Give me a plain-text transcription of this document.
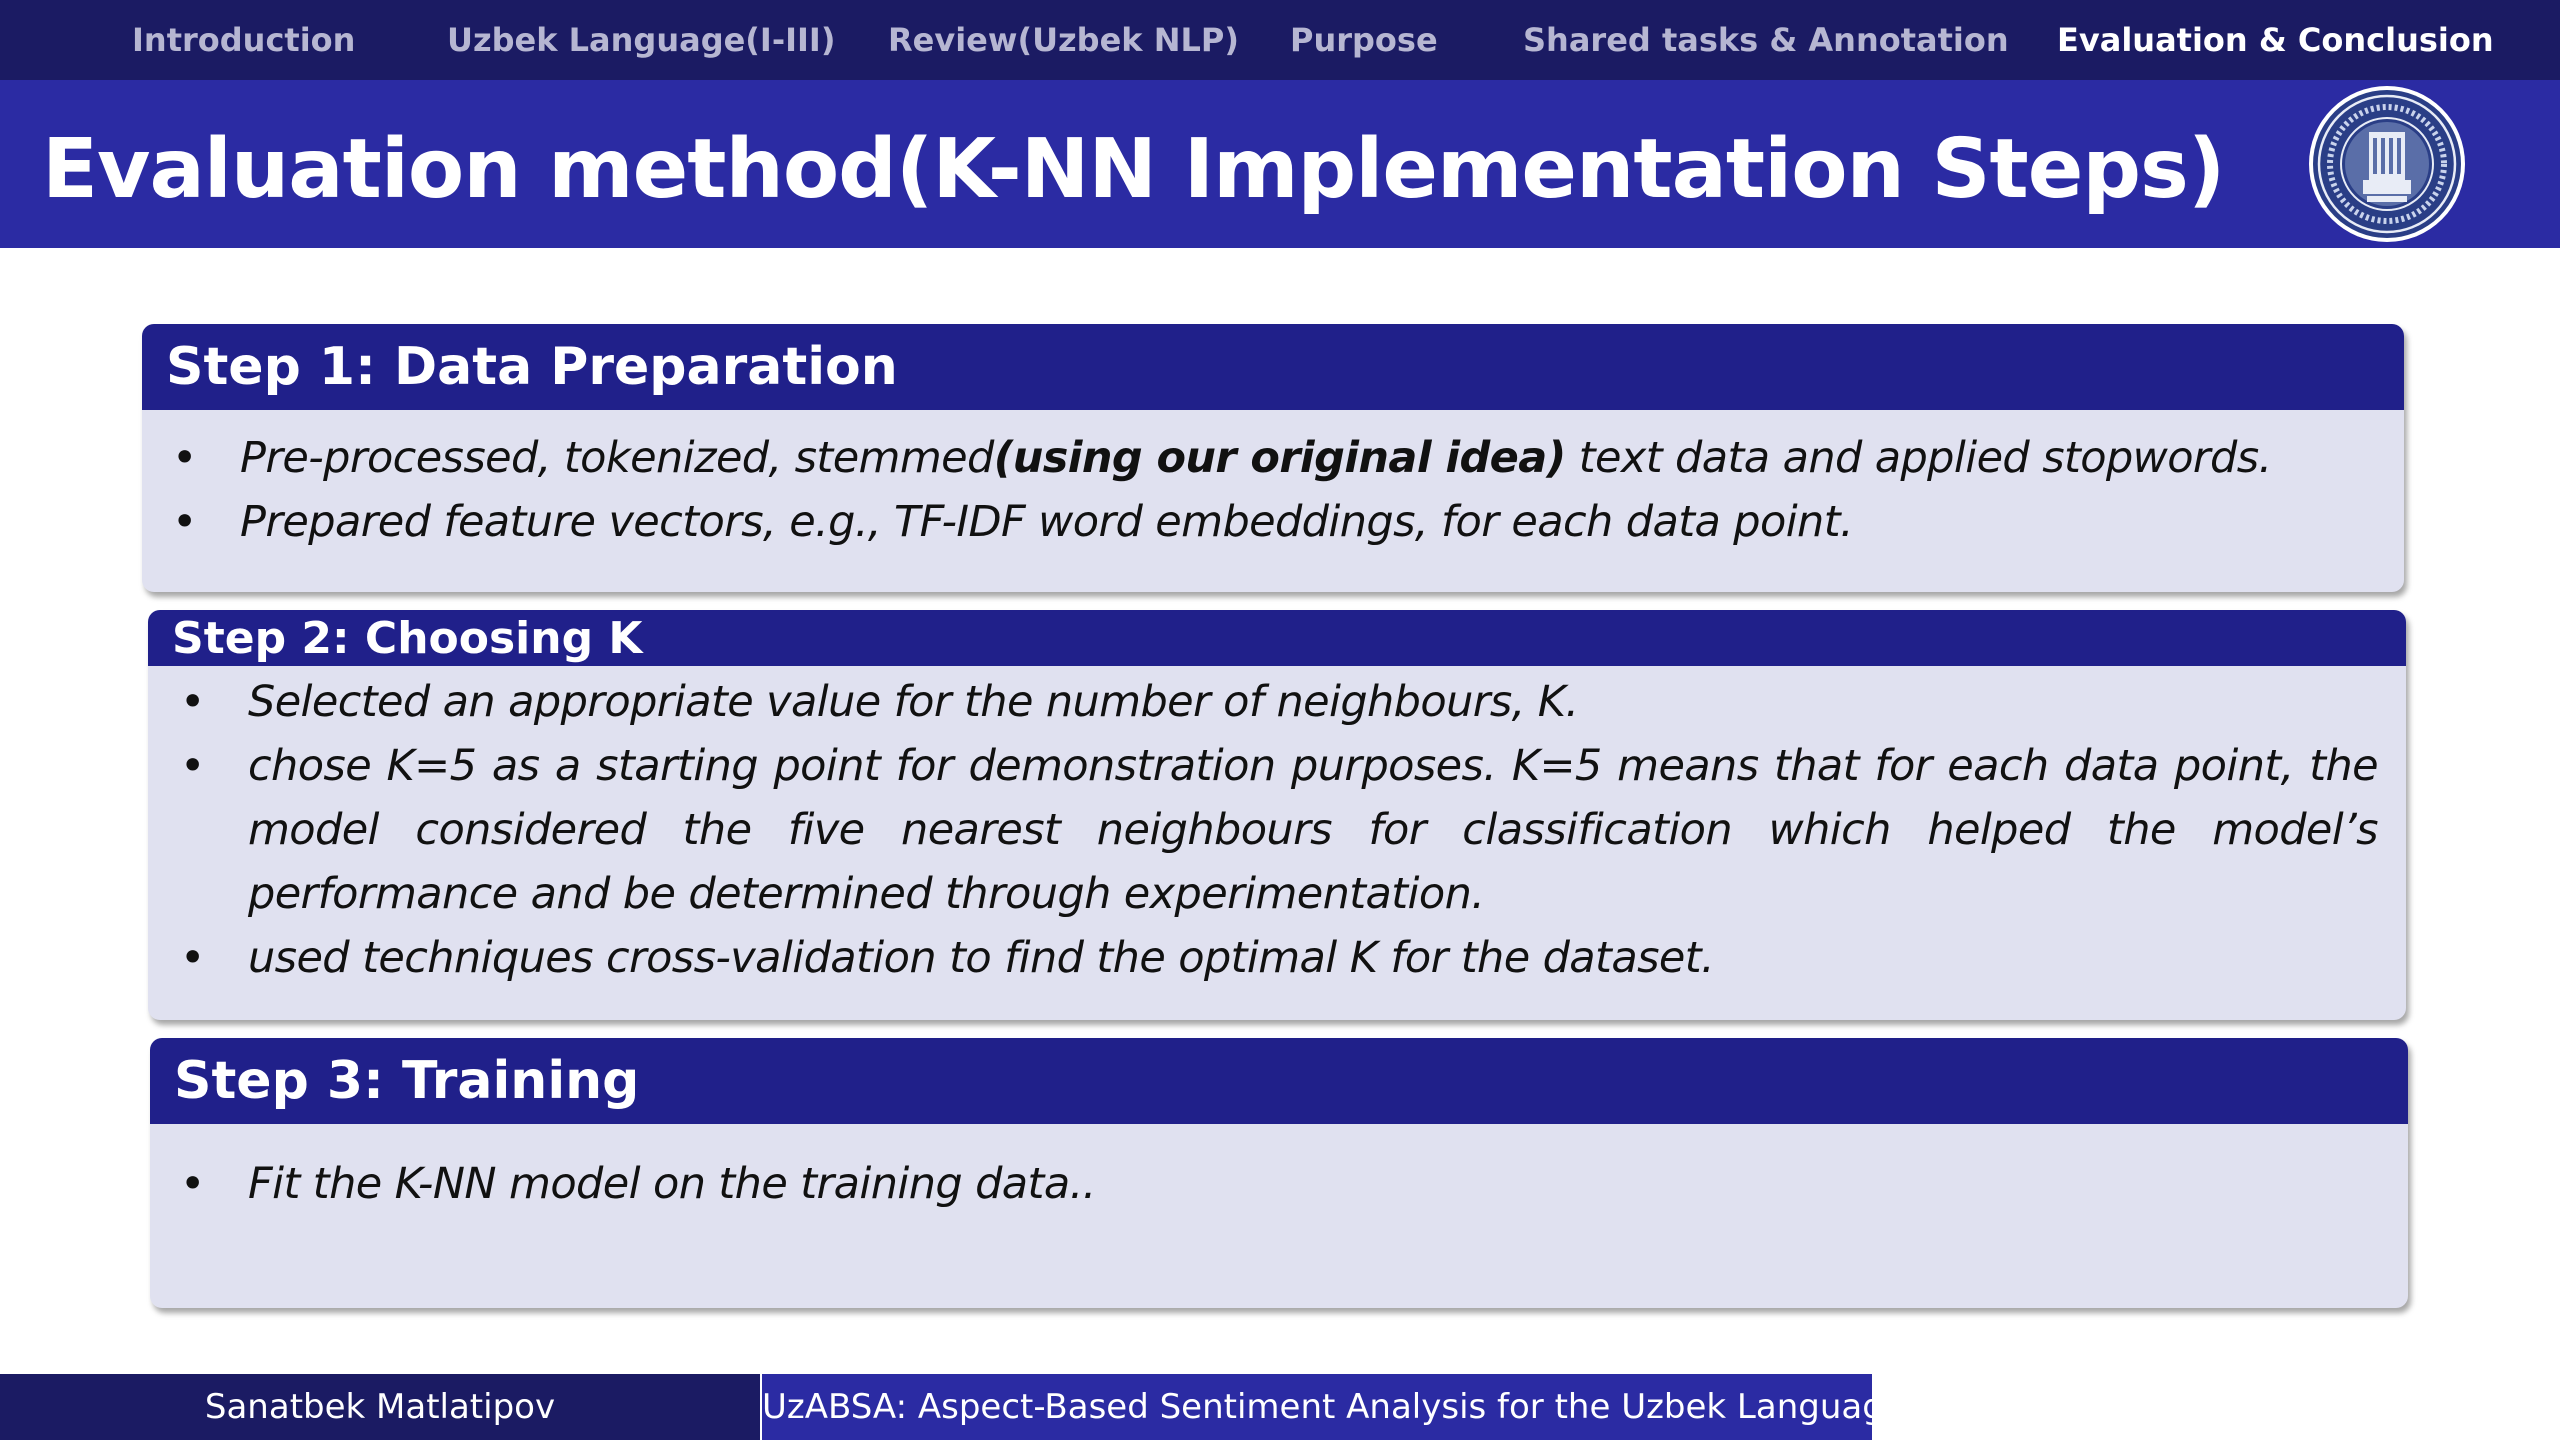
Introduction	Uzbek Language(I-III) Review(Uzbek NLP) Purpose	Shared tasks & Annotation Evaluation & Conclusion
Evaluation method(K-NN Implementation Steps)
Step 1: Data Preparation
• Pre-processed, tokenized, stemmed(using our original idea) text data and applied stopwords.
• Prepared feature vectors, e.g., TF-IDF word embeddings, for each data point.
Step 2: Choosing K
• Selected an appropriate value for the number of neighbours, K.
• chose K=5 as a starting point for demonstration purposes. K=5 means that for each data point, the model considered the five nearest neighbours for classification which helped the model’s performance and be determined through experimentation.
• used techniques cross-validation to find the optimal K for the dataset.
Step 3: Training
• Fit the K-NN model on the training data..
Sanatbek Matlatipov	UzABSA: Aspect-Based Sentiment Analysis for the Uzbek Language
